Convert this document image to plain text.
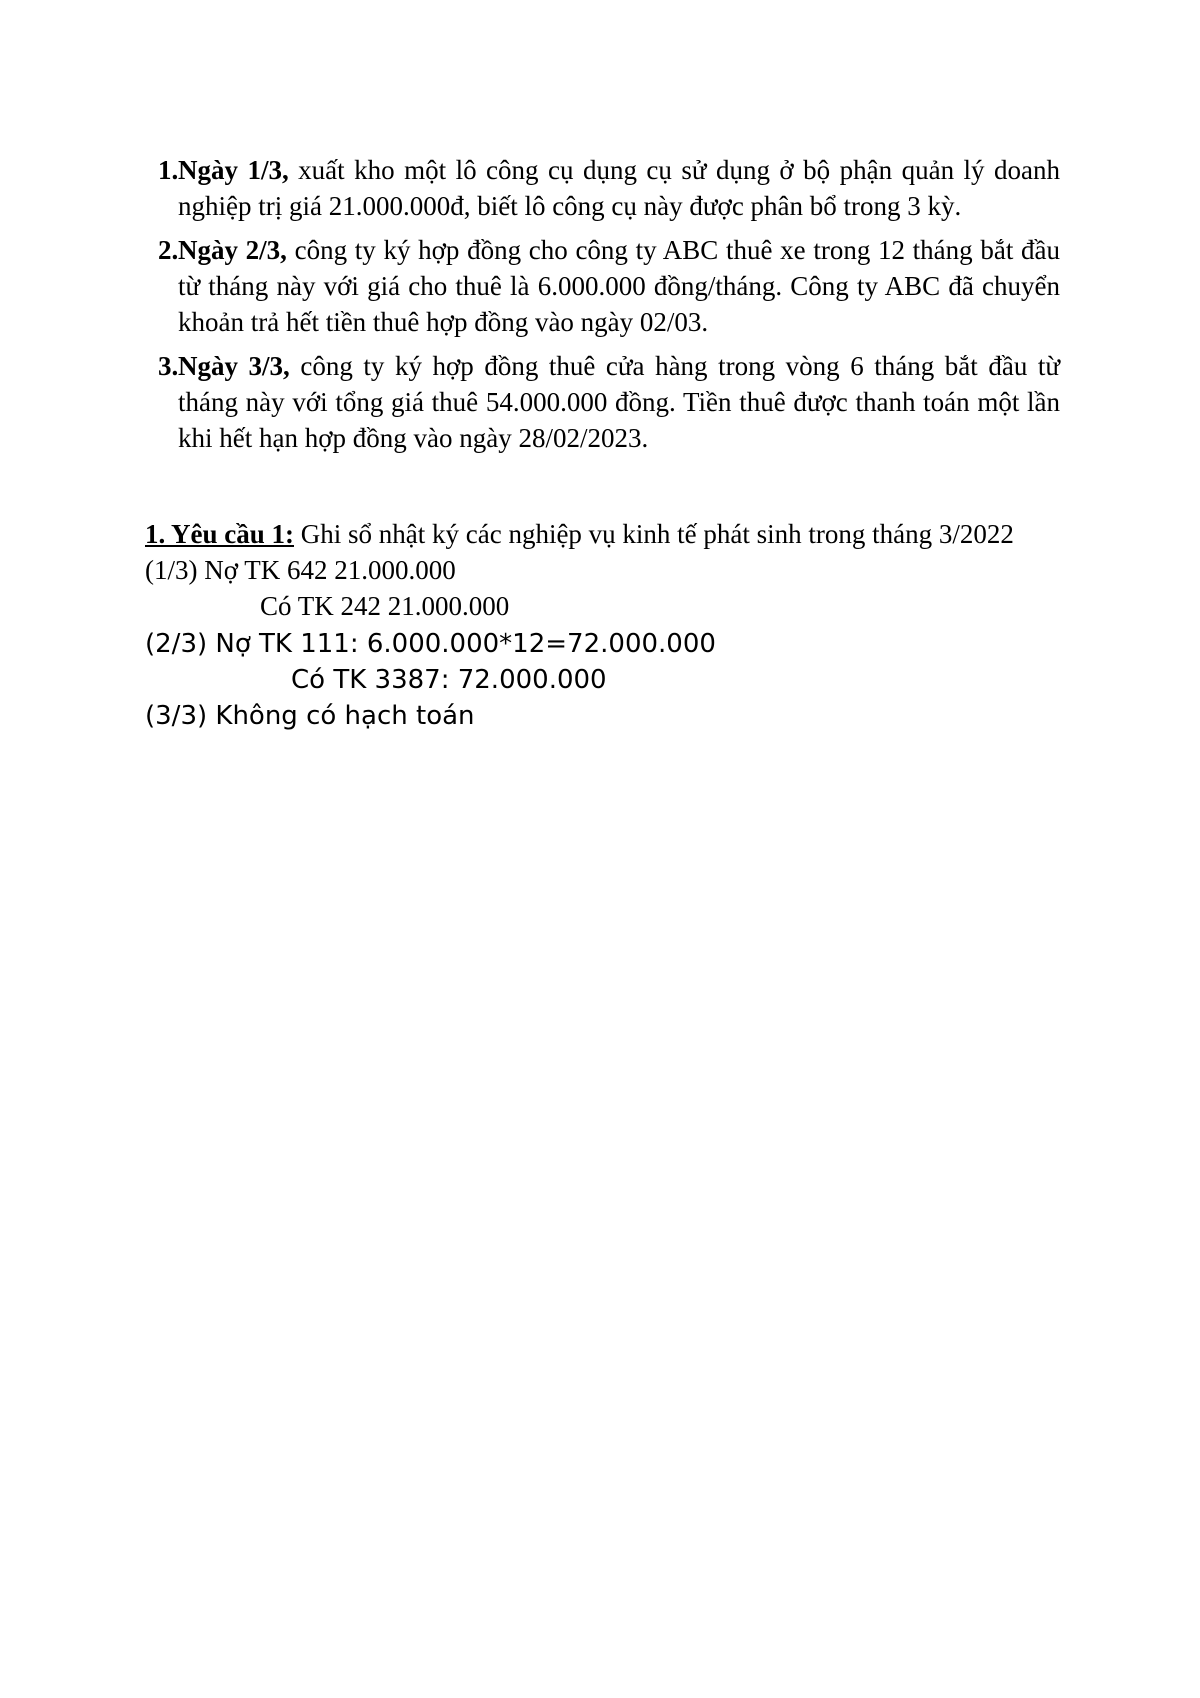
1. Ngày 1/3, xuất kho một lô công cụ dụng cụ sử dụng ở bộ phận quản lý doanh nghiệp trị giá 21.000.000đ, biết lô công cụ này được phân bổ trong 3 kỳ.
2. Ngày 2/3, công ty ký hợp đồng cho công ty ABC thuê xe trong 12 tháng bắt đầu từ tháng này với giá cho thuê là 6.000.000 đồng/tháng. Công ty ABC đã chuyển khoản trả hết tiền thuê hợp đồng vào ngày 02/03.
3. Ngày 3/3, công ty ký hợp đồng thuê cửa hàng trong vòng 6 tháng bắt đầu từ tháng này với tổng giá thuê 54.000.000 đồng. Tiền thuê được thanh toán một lần khi hết hạn hợp đồng vào ngày 28/02/2023.

1. Yêu cầu 1: Ghi sổ nhật ký các nghiệp vụ kinh tế phát sinh trong tháng 3/2022

(1/3) Nợ TK 642 21.000.000

Có TK 242 21.000.000

(2/3) Nợ TK 111: 6.000.000*12=72.000.000

Có TK 3387: 72.000.000

(3/3) Không có hạch toán
